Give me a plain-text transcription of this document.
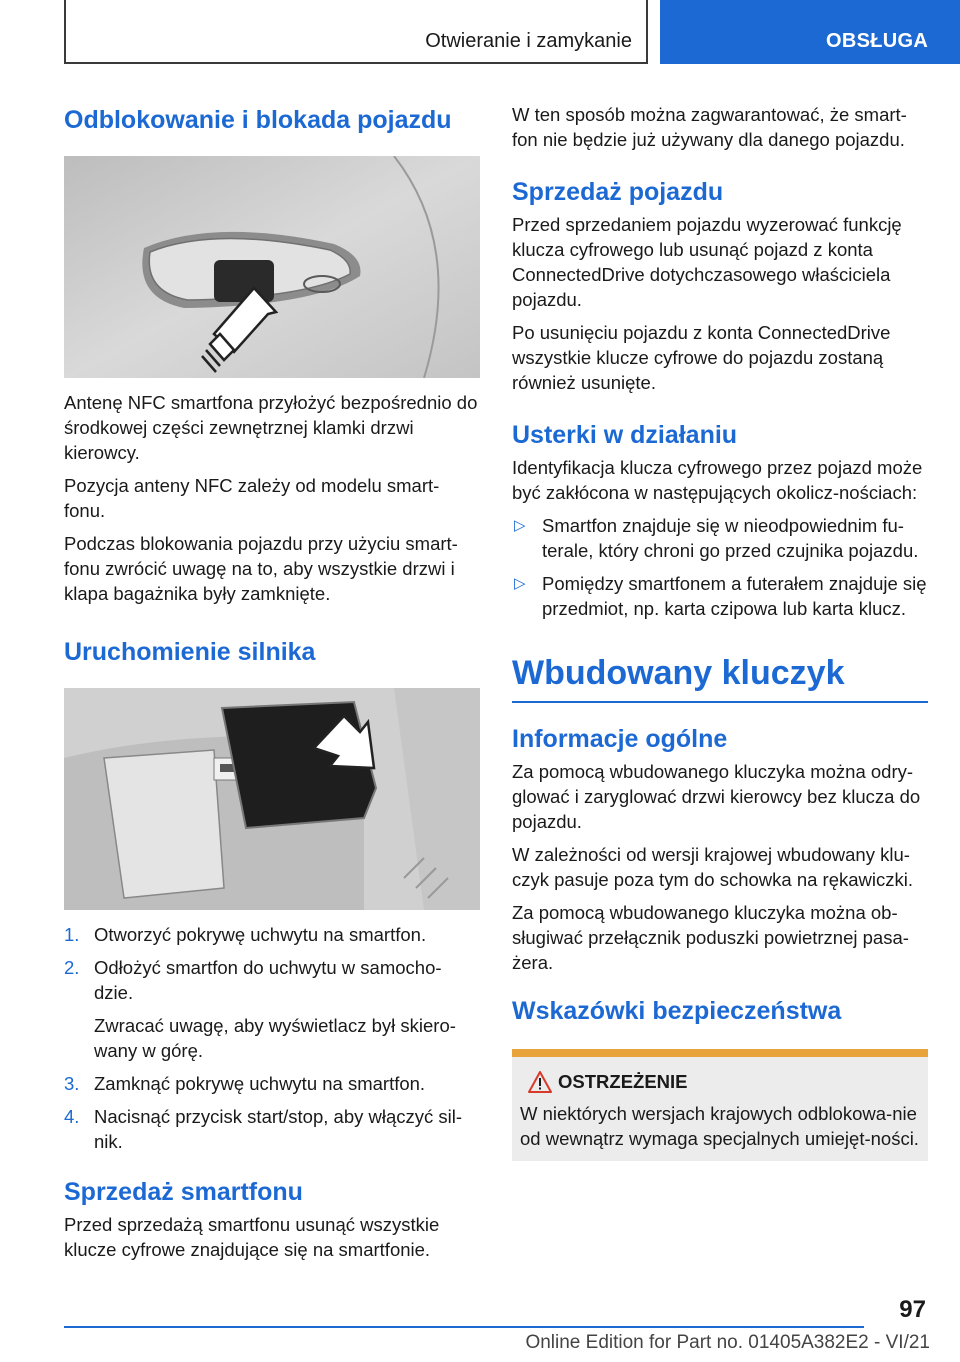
Otwieranie i zamykanie	OBSŁUGA
Odblokowanie i blokada pojazdu

Antenę NFC smartfona przyłożyć bezpośrednio do środkowej części zewnętrznej klamki drzwi kierowcy.

Pozycja anteny NFC zależy od modelu smart-fonu.

Podczas blokowania pojazdu przy użyciu smart-fonu zwrócić uwagę na to, aby wszystkie drzwi i klapa bagażnika były zamknięte.

Uruchomienie silnika
1. Otworzyć pokrywę uchwytu na smartfon.
2. Odłożyć smartfon do uchwytu w samocho-dzie.
Zwracać uwagę, aby wyświetlacz był skiero-wany w górę.
3. Zamknąć pokrywę uchwytu na smartfon.
4. Nacisnąć przycisk start/stop, aby włączyć sil-nik.
Sprzedaż smartfonu

Przed sprzedażą smartfonu usunąć wszystkie klucze cyfrowe znajdujące się na smartfonie.

W ten sposób można zagwarantować, że smart-fon nie będzie już używany dla danego pojazdu.

Sprzedaż pojazdu

Przed sprzedaniem pojazdu wyzerować funkcję klucza cyfrowego lub usunąć pojazd z konta ConnectedDrive dotychczasowego właściciela pojazdu.

Po usunięciu pojazdu z konta ConnectedDrive wszystkie klucze cyfrowe do pojazdu zostaną również usunięte.

Usterki w działaniu

Identyfikacja klucza cyfrowego przez pojazd może być zakłócona w następujących okolicz-nościach:

▷ Smartfon znajduje się w nieodpowiednim fu-terale, który chroni go przed czujnika pojazdu.
▷ Pomiędzy smartfonem a futerałem znajduje się przedmiot, np. karta czipowa lub karta klucz.
Wbudowany kluczyk
Informacje ogólne

Za pomocą wbudowanego kluczyka można odry-glować i zaryglować drzwi kierowcy bez klucza do pojazdu.

W zależności od wersji krajowej wbudowany klu-czyk pasuje poza tym do schowka na rękawiczki.

Za pomocą wbudowanego kluczyka można ob-sługiwać przełącznik poduszki powietrznej pasa-żera.

Wskazówki bezpieczeństwa
OSTRZEŻENIE

W niektórych wersjach krajowych odblokowa-nie od wewnątrz wymaga specjalnych umiejęt-ności.

97
Online Edition for Part no. 01405A382E2 - VI/21
